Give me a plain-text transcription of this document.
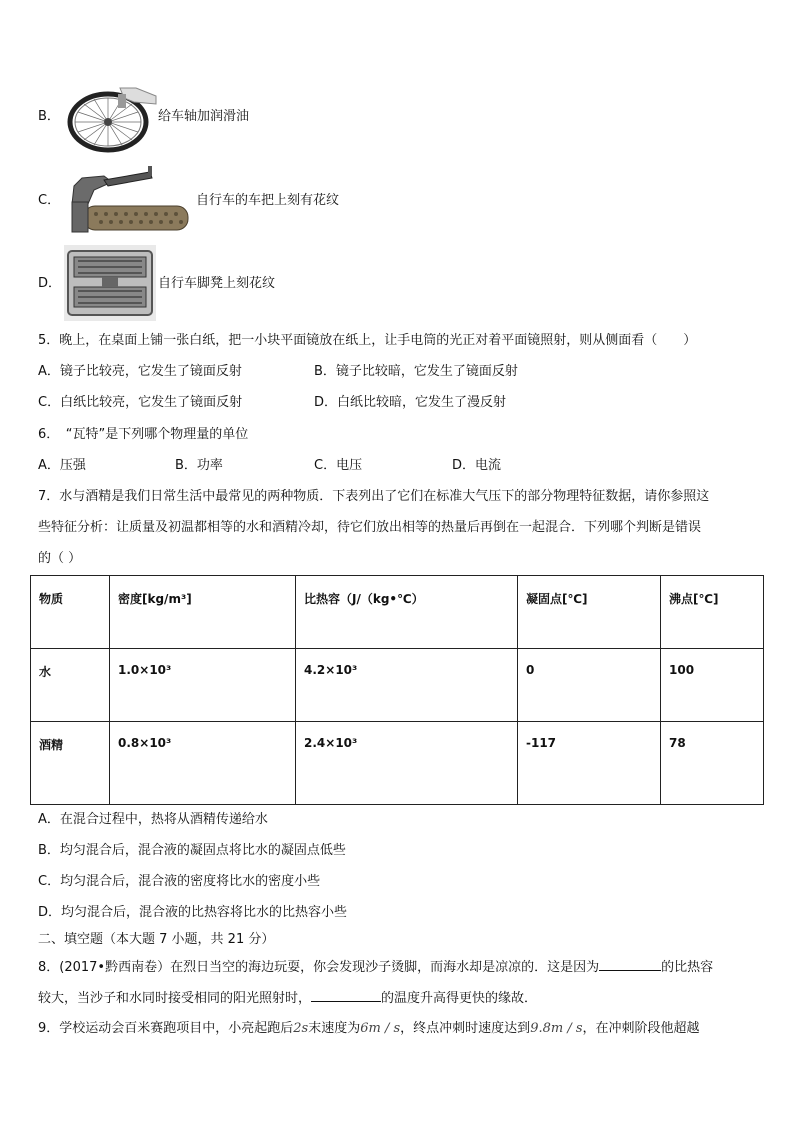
B．	给车轴加润滑油
C．	自行车的车把上刻有花纹
D．	自行车脚凳上刻花纹
5．晚上，在桌面上铺一张白纸，把一小块平面镜放在纸上，让手电筒的光正对着平面镜照射，则从侧面看（　　）
A．镜子比较亮，它发生了镜面反射	B．镜子比较暗，它发生了镜面反射
C．白纸比较亮，它发生了镜面反射	D．白纸比较暗，它发生了漫反射
6．　“瓦特”是下列哪个物理量的单位
A．压强	B．功率	C．电压	D．电流
7．水与酒精是我们日常生活中最常见的两种物质．下表列出了它们在标准大气压下的部分物理特征数据，请你参照这
些特征分析：让质量及初温都相等的水和酒精冷却，待它们放出相等的热量后再倒在一起混合．下列哪个判断是错误
的（ ）
物质	密度[kg/m³]	比热容（J/（kg•℃）	凝固点[℃]	沸点[℃]
水	1.0×10³	4.2×10³	0	100
酒精	0.8×10³	2.4×10³	-117	78
A．在混合过程中，热将从酒精传递给水
B．均匀混合后，混合液的凝固点将比水的凝固点低些
C．均匀混合后，混合液的密度将比水的密度小些
D．均匀混合后，混合液的比热容将比水的比热容小些
二、填空题（本大题 7 小题，共 21 分）
8．(2017•黔西南卷）在烈日当空的海边玩耍，你会发现沙子烫脚，而海水却是凉凉的．这是因为	的比热容
较大，当沙子和水同时接受相同的阳光照射时，	的温度升高得更快的缘故．
9．学校运动会百米赛跑项目中，小亮起跑后2s末速度为6m / s，终点冲刺时速度达到9.8m / s，在冲刺阶段他超越
